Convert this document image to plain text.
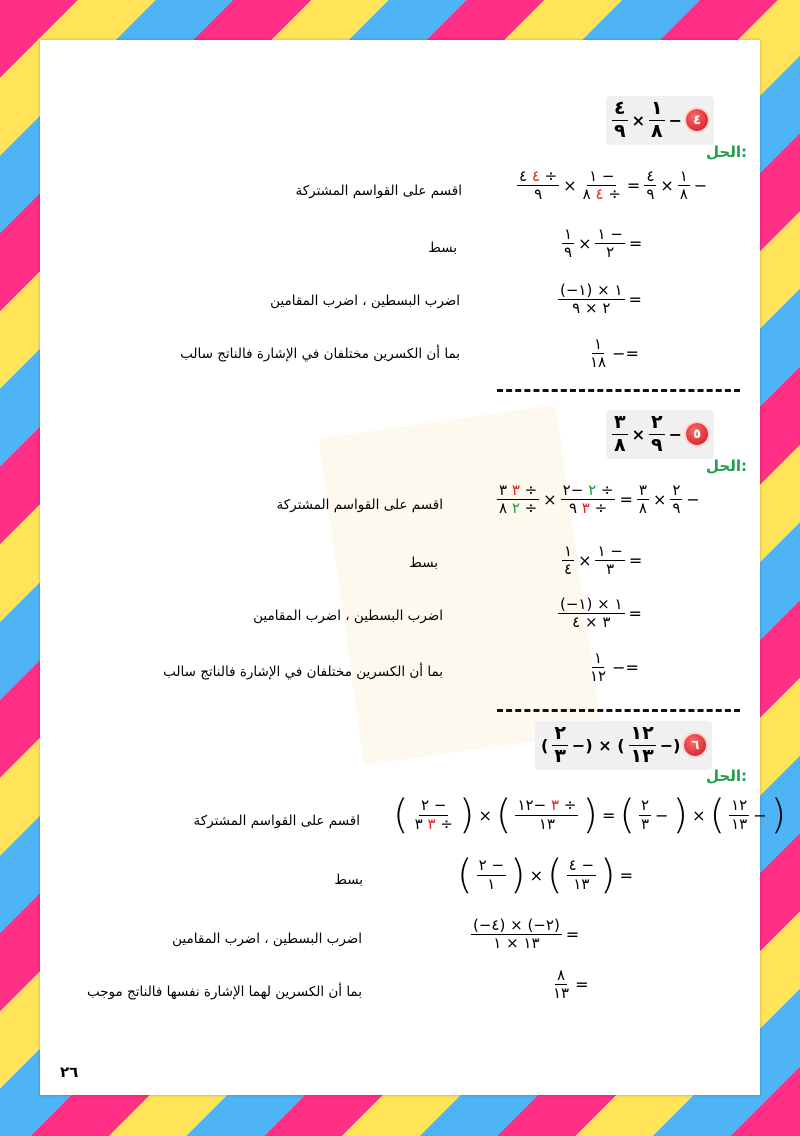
$\frac{٤}{٩} \times \frac{١}{٨}$ − ٤
الحل:
$\frac{٤ ٤ \div}{٩} \times \frac{١ -}{٤ ٨ \div} = \frac{٤}{٩} \times \frac{١}{٨}$ −
اقسم على القواسم المشتركة
$\frac{١}{٩} \times \frac{١ -}{٢}$ =
بسط
$\frac{(-١) \times ١}{٢ \times ٩}$ =
اضرب البسطين ، اضرب المقامين
$\frac{١}{١٨}$ −=
بما أن الكسرين مختلفان في الإشارة فالناتج سالب
$\frac{٣}{٨} \times \frac{٢}{٩}$ − ٥
الحل:
$\frac{٣ ٣ \div}{٢ ٨ \div} \times \frac{٢ -٢ \div}{٣ ٩ \div} = \frac{٣}{٨} \times \frac{٢}{٩}$ −
اقسم على القواسم المشتركة
$\frac{١}{٤} \times \frac{١ -}{٣}$ =
بسط
$\frac{(-١) \times ١}{٣ \times ٤}$ =
اضرب البسطين ، اضرب المقامين
$\frac{١}{١٢}$ −=
بما أن الكسرين مختلفان في الإشارة فالناتج سالب
( $\frac{٢}{٣}$ −) × ( $\frac{١٢}{١٣}$ −) ٦
الحل:
( $\frac{٢ -}{٣ ٣ \div}$ ) × ( $\frac{٣ -١٢ \div}{١٣}$ ) = ( $\frac{٢}{٣}$ − ) × ( $\frac{١٢}{١٣}$ − )
اقسم على القواسم المشتركة
( $\frac{٢ -}{١}$ ) × ( $\frac{٤ -}{١٣}$ ) =
بسط
$\frac{(-٤) \times (-٢)}{١٣ \times ١}$ =
اضرب البسطين ، اضرب المقامين
$\frac{٨}{١٣}$ =
بما أن الكسرين لهما الإشارة نفسها فالناتج موجب
٢٦
